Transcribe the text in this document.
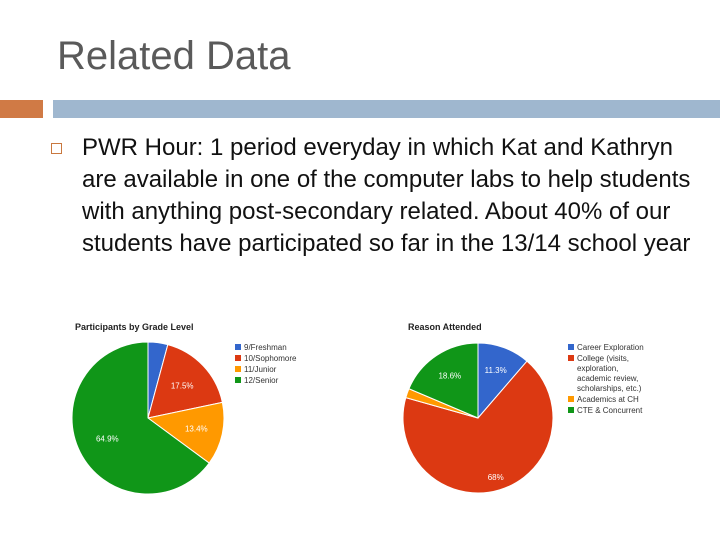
Related Data

PWR Hour: 1 period everyday in which Kat and Kathryn are available in one of the computer labs to help students with anything post-secondary related. About 40% of our students have participated so far in the 13/14 school year

Participants by Grade Level
17.5%
13.4%
64.9%
9/Freshman
10/Sophomore
11/Junior
12/Senior
Reason Attended
11.3%
68%
18.6%
Career Exploration
College (visits,
exploration,
academic review,
scholarships, etc.)
Academics at CH
CTE & Concurrent
